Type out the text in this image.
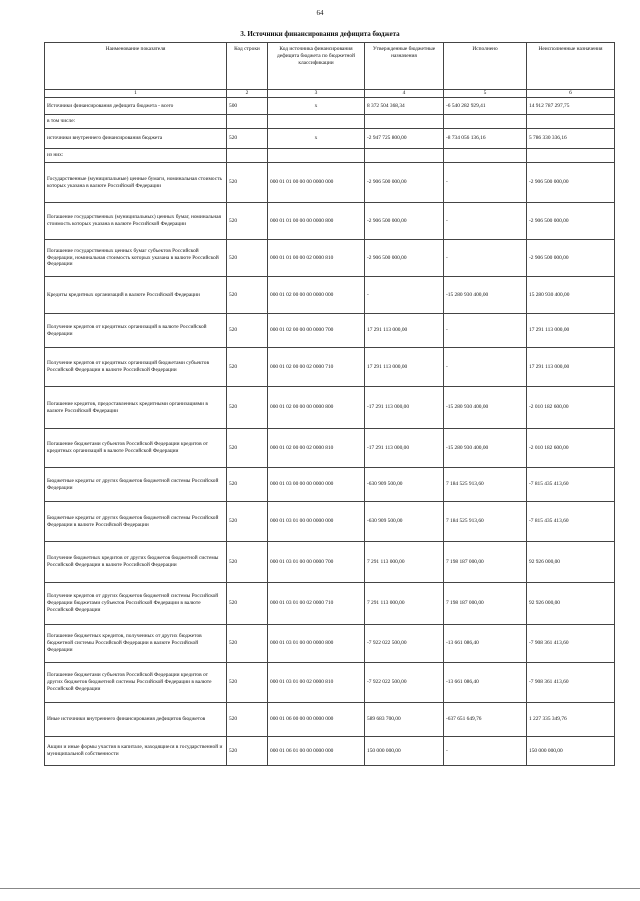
64
3. Источники финансирования дефицита бюджета
Наименование показателя	Код строки	Код источника финансирования дефицита бюджета по бюджетной классификации	Утвержденные бюджетные назначения	Исполнено	Неисполненные назначения
1	2	3	4	5	6
Источники финансирования дефицита бюджета - всего	500	x	8 372 504 368,34	-6 540 282 929,41	14 912 787 297,75
в том числе:					
источники внутреннего финансирования бюджета	520	x	-2 947 725 800,00	-8 734 056 136,16	5 786 330 336,16
из них:					
Государственные (муниципальные) ценные бумаги, номинальная стоимость которых указана в валюте Российской Федерации	520	000 01 01 00 00 00 0000 000	-2 906 500 000,00	-	-2 906 500 000,00
Погашение государственных (муниципальных) ценных бумаг, номинальная стоимость которых указана в валюте Российской Федерации	520	000 01 01 00 00 00 0000 800	-2 906 500 000,00	-	-2 906 500 000,00
Погашение государственных ценных бумаг субъектов Российской Федерации, номинальная стоимость которых указана в валюте Российской Федерации	520	000 01 01 00 00 02 0000 810	-2 906 500 000,00	-	-2 906 500 000,00
Кредиты кредитных организаций в валюте Российской Федерации	520	000 01 02 00 00 00 0000 000	-	-15 280 930 400,00	15 280 930 400,00
Получение кредитов от кредитных организаций в валюте Российской Федерации	520	000 01 02 00 00 00 0000 700	17 291 113 000,00	-	17 291 113 000,00
Получение кредитов от кредитных организаций бюджетами субъектов Российской Федерации в валюте Российской Федерации	520	000 01 02 00 00 02 0000 710	17 291 113 000,00	-	17 291 113 000,00
Погашение кредитов, предоставленных кредитными организациями в валюте Российской Федерации	520	000 01 02 00 00 00 0000 800	-17 291 113 000,00	-15 280 930 400,00	-2 010 182 600,00
Погашение бюджетами субъектов Российской Федерации кредитов от кредитных организаций в валюте Российской Федерации	520	000 01 02 00 00 02 0000 810	-17 291 113 000,00	-15 280 930 400,00	-2 010 182 600,00
Бюджетные кредиты от других бюджетов бюджетной системы Российской Федерации	520	000 01 03 00 00 00 0000 000	-630 909 500,00	7 184 525 913,60	-7 815 435 413,60
Бюджетные кредиты от других бюджетов бюджетной системы Российской Федерации в валюте Российской Федерации	520	000 01 03 01 00 00 0000 000	-630 909 500,00	7 184 525 913,60	-7 815 435 413,60
Получение бюджетных кредитов от других бюджетов бюджетной системы Российской Федерации в валюте Российской Федерации	520	000 01 03 01 00 00 0000 700	7 291 113 000,00	7 198 187 000,00	92 926 000,00
Получение кредитов от других бюджетов бюджетной системы Российской Федерации бюджетами субъектов Российской Федерации в валюте Российской Федерации	520	000 01 03 01 00 02 0000 710	7 291 113 000,00	7 198 187 000,00	92 926 000,00
Погашение бюджетных кредитов, полученных от других бюджетов бюджетной системы Российской Федерации в валюте Российской Федерации	520	000 01 03 01 00 00 0000 800	-7 922 022 500,00	-13 661 086,40	-7 908 361 413,60
Погашение бюджетами субъектов Российской Федерации кредитов от других бюджетов бюджетной системы Российской Федерации в валюте Российской Федерации	520	000 01 03 01 00 02 0000 810	-7 922 022 500,00	-13 661 086,40	-7 908 361 413,60
Иные источники внутреннего финансирования дефицитов бюджетов	520	000 01 06 00 00 00 0000 000	589 683 700,00	-637 651 649,76	1 227 335 349,76
Акции и иные формы участия в капитале, находящиеся в государственной и муниципальной собственности	520	000 01 06 01 00 00 0000 000	150 000 000,00	-	150 000 000,00
